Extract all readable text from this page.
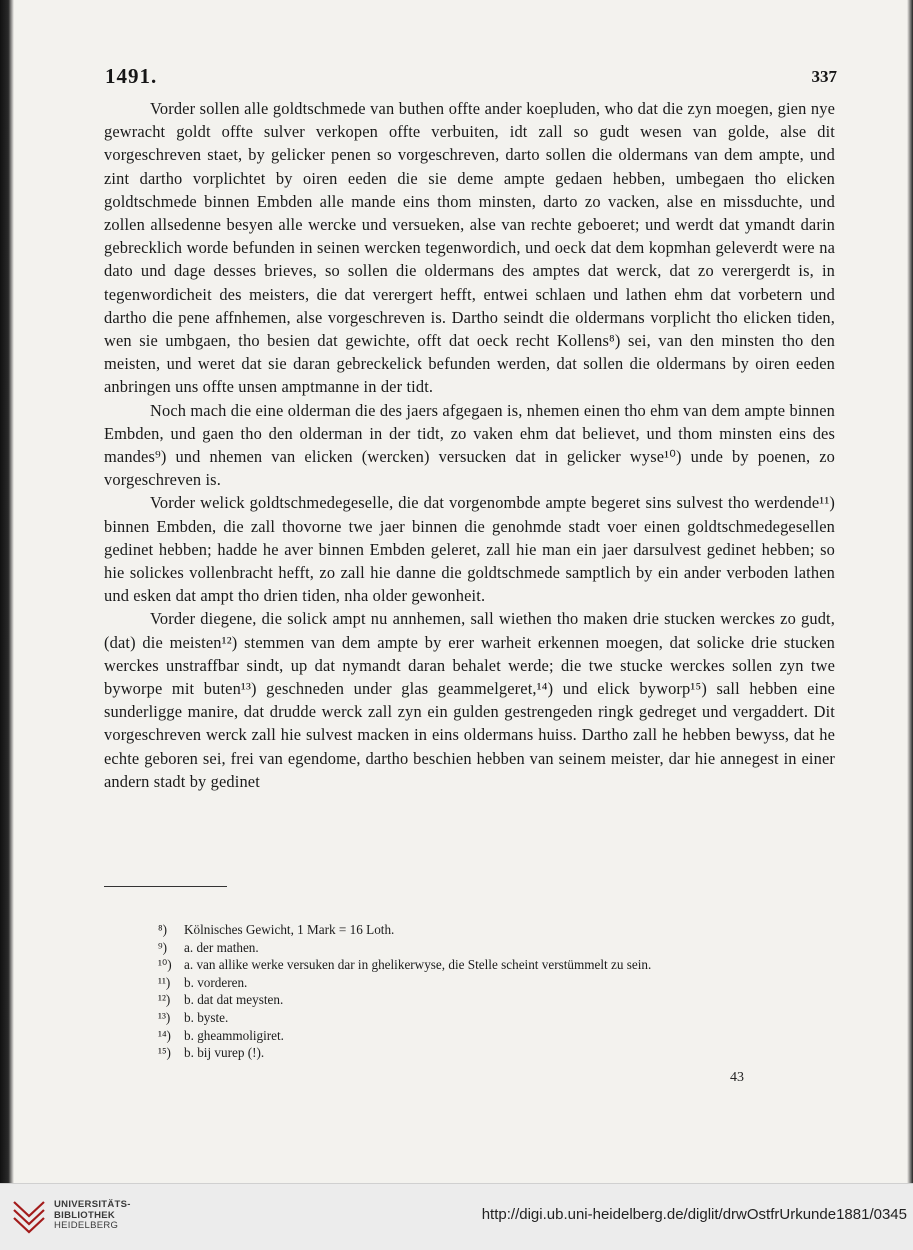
1491.	337

Vorder sollen alle goldtschmede van buthen offte ander koepluden, who dat die zyn moegen, gien nye gewracht goldt offte sulver verkopen offte verbuiten, idt zall so gudt wesen van golde, alse dit vorgeschreven staet, by gelicker penen so vorgeschreven, darto sollen die oldermans van dem ampte, und zint dartho vorplichtet by oiren eeden die sie deme ampte gedaen hebben, umbegaen tho elicken goldtschmede binnen Embden alle mande eins thom minsten, darto zo vacken, alse en missduchte, und zollen allsedenne besyen alle wercke und versueken, alse van rechte geboeret; und werdt dat ymandt darin gebrecklich worde befunden in seinen wercken tegenwordich, und oeck dat dem kopmhan geleverdt were na dato und dage desses brieves, so sollen die oldermans des amptes dat werck, dat zo verergerdt is, in tegenwordicheit des meisters, die dat verergert hefft, entwei schlaen und lathen ehm dat vorbetern und dartho die pene affnhemen, alse vorgeschreven is. Dartho seindt die oldermans vorplicht tho elicken tiden, wen sie umbgaen, tho besien dat gewichte, offt dat oeck recht Kollens⁸) sei, van den minsten tho den meisten, und weret dat sie daran gebreckelick befunden werden, dat sollen die oldermans by oiren eeden anbringen uns offte unsen amptmanne in der tidt.

Noch mach die eine olderman die des jaers afgegaen is, nhemen einen tho ehm van dem ampte binnen Embden, und gaen tho den olderman in der tidt, zo vaken ehm dat believet, und thom minsten eins des mandes⁹) und nhemen van elicken (wercken) versucken dat in gelicker wyse¹⁰) unde by poenen, zo vorgeschreven is.

Vorder welick goldtschmedegeselle, die dat vorgenombde ampte begeret sins sulvest tho werdende¹¹) binnen Embden, die zall thovorne twe jaer binnen die genohmde stadt voer einen goldtschmedegesellen gedinet hebben; hadde he aver binnen Embden geleret, zall hie man ein jaer darsulvest gedinet hebben; so hie solickes vollenbracht hefft, zo zall hie danne die goldtschmede samptlich by ein ander verboden lathen und esken dat ampt tho drien tiden, nha older gewonheit.

Vorder diegene, die solick ampt nu annhemen, sall wiethen tho maken drie stucken werckes zo gudt, (dat) die meisten¹²) stemmen van dem ampte by erer warheit erkennen moegen, dat solicke drie stucken werckes unstraffbar sindt, up dat nymandt daran behalet werde; die twe stucke werckes sollen zyn twe byworpe mit buten¹³) geschneden under glas geammelgeret,¹⁴) und elick byworp¹⁵) sall hebben eine sunderligge manire, dat drudde werck zall zyn ein gulden gestrengeden ringk gedreget und vergaddert. Dit vorgeschreven werck zall hie sulvest macken in eins oldermans huiss. Dartho zall he hebben bewyss, dat he echte geboren sei, frei van egendome, dartho beschien hebben van seinem meister, dar hie annegest in einer andern stadt by gedinet

⁸) Kölnisches Gewicht, 1 Mark = 16 Loth.
⁹) a. der mathen.
¹⁰) a. van allike werke versuken dar in ghelikerwyse, die Stelle scheint verstümmelt zu sein.
¹¹) b. vorderen.
¹²) b. dat dat meysten.
¹³) b. byste.
¹⁴) b. gheammoligiret.
¹⁵) b. bij vurep (!).
43
UNIVERSITÄTS-
BIBLIOTHEK
HEIDELBERG
http://digi.ub.uni-heidelberg.de/diglit/drwOstfrUrkunde1881/0345
